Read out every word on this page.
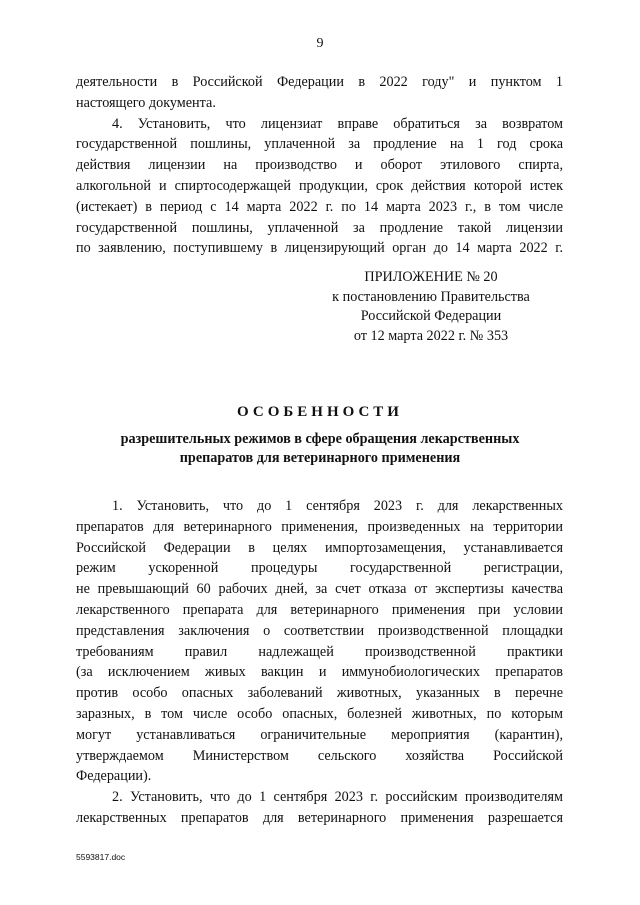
9

деятельности в Российской Федерации в 2022 году" и пунктом 1

настоящего документа.

4. Установить, что лицензиат вправе обратиться за возвратом

государственной пошлины, уплаченной за продление на 1 год срока

действия лицензии на производство и оборот этилового спирта,

алкогольной и спиртосодержащей продукции, срок действия которой истек

(истекает) в период с 14 марта 2022 г. по 14 марта 2023 г., в том числе

государственной пошлины, уплаченной за продление такой лицензии

по заявлению, поступившему в лицензирующий орган до 14 марта 2022 г.

ПРИЛОЖЕНИЕ № 20
к постановлению Правительства
Российской Федерации
от 12 марта 2022 г. № 353
ОСОБЕННОСТИ
разрешительных режимов в сфере обращения лекарственных
препаратов для ветеринарного применения

1. Установить, что до 1 сентября 2023 г. для лекарственных

препаратов для ветеринарного применения, произведенных на территории

Российской Федерации в целях импортозамещения, устанавливается

режим ускоренной процедуры государственной регистрации,

не превышающий 60 рабочих дней, за счет отказа от экспертизы качества

лекарственного препарата для ветеринарного применения при условии

представления заключения о соответствии производственной площадки

требованиям правил надлежащей производственной практики

(за исключением живых вакцин и иммунобиологических препаратов

против особо опасных заболеваний животных, указанных в перечне

заразных, в том числе особо опасных, болезней животных, по которым

могут устанавливаться ограничительные мероприятия (карантин),

утверждаемом Министерством сельского хозяйства Российской

Федерации).

2. Установить, что до 1 сентября 2023 г. российским производителям

лекарственных препаратов для ветеринарного применения разрешается

5593817.doc
